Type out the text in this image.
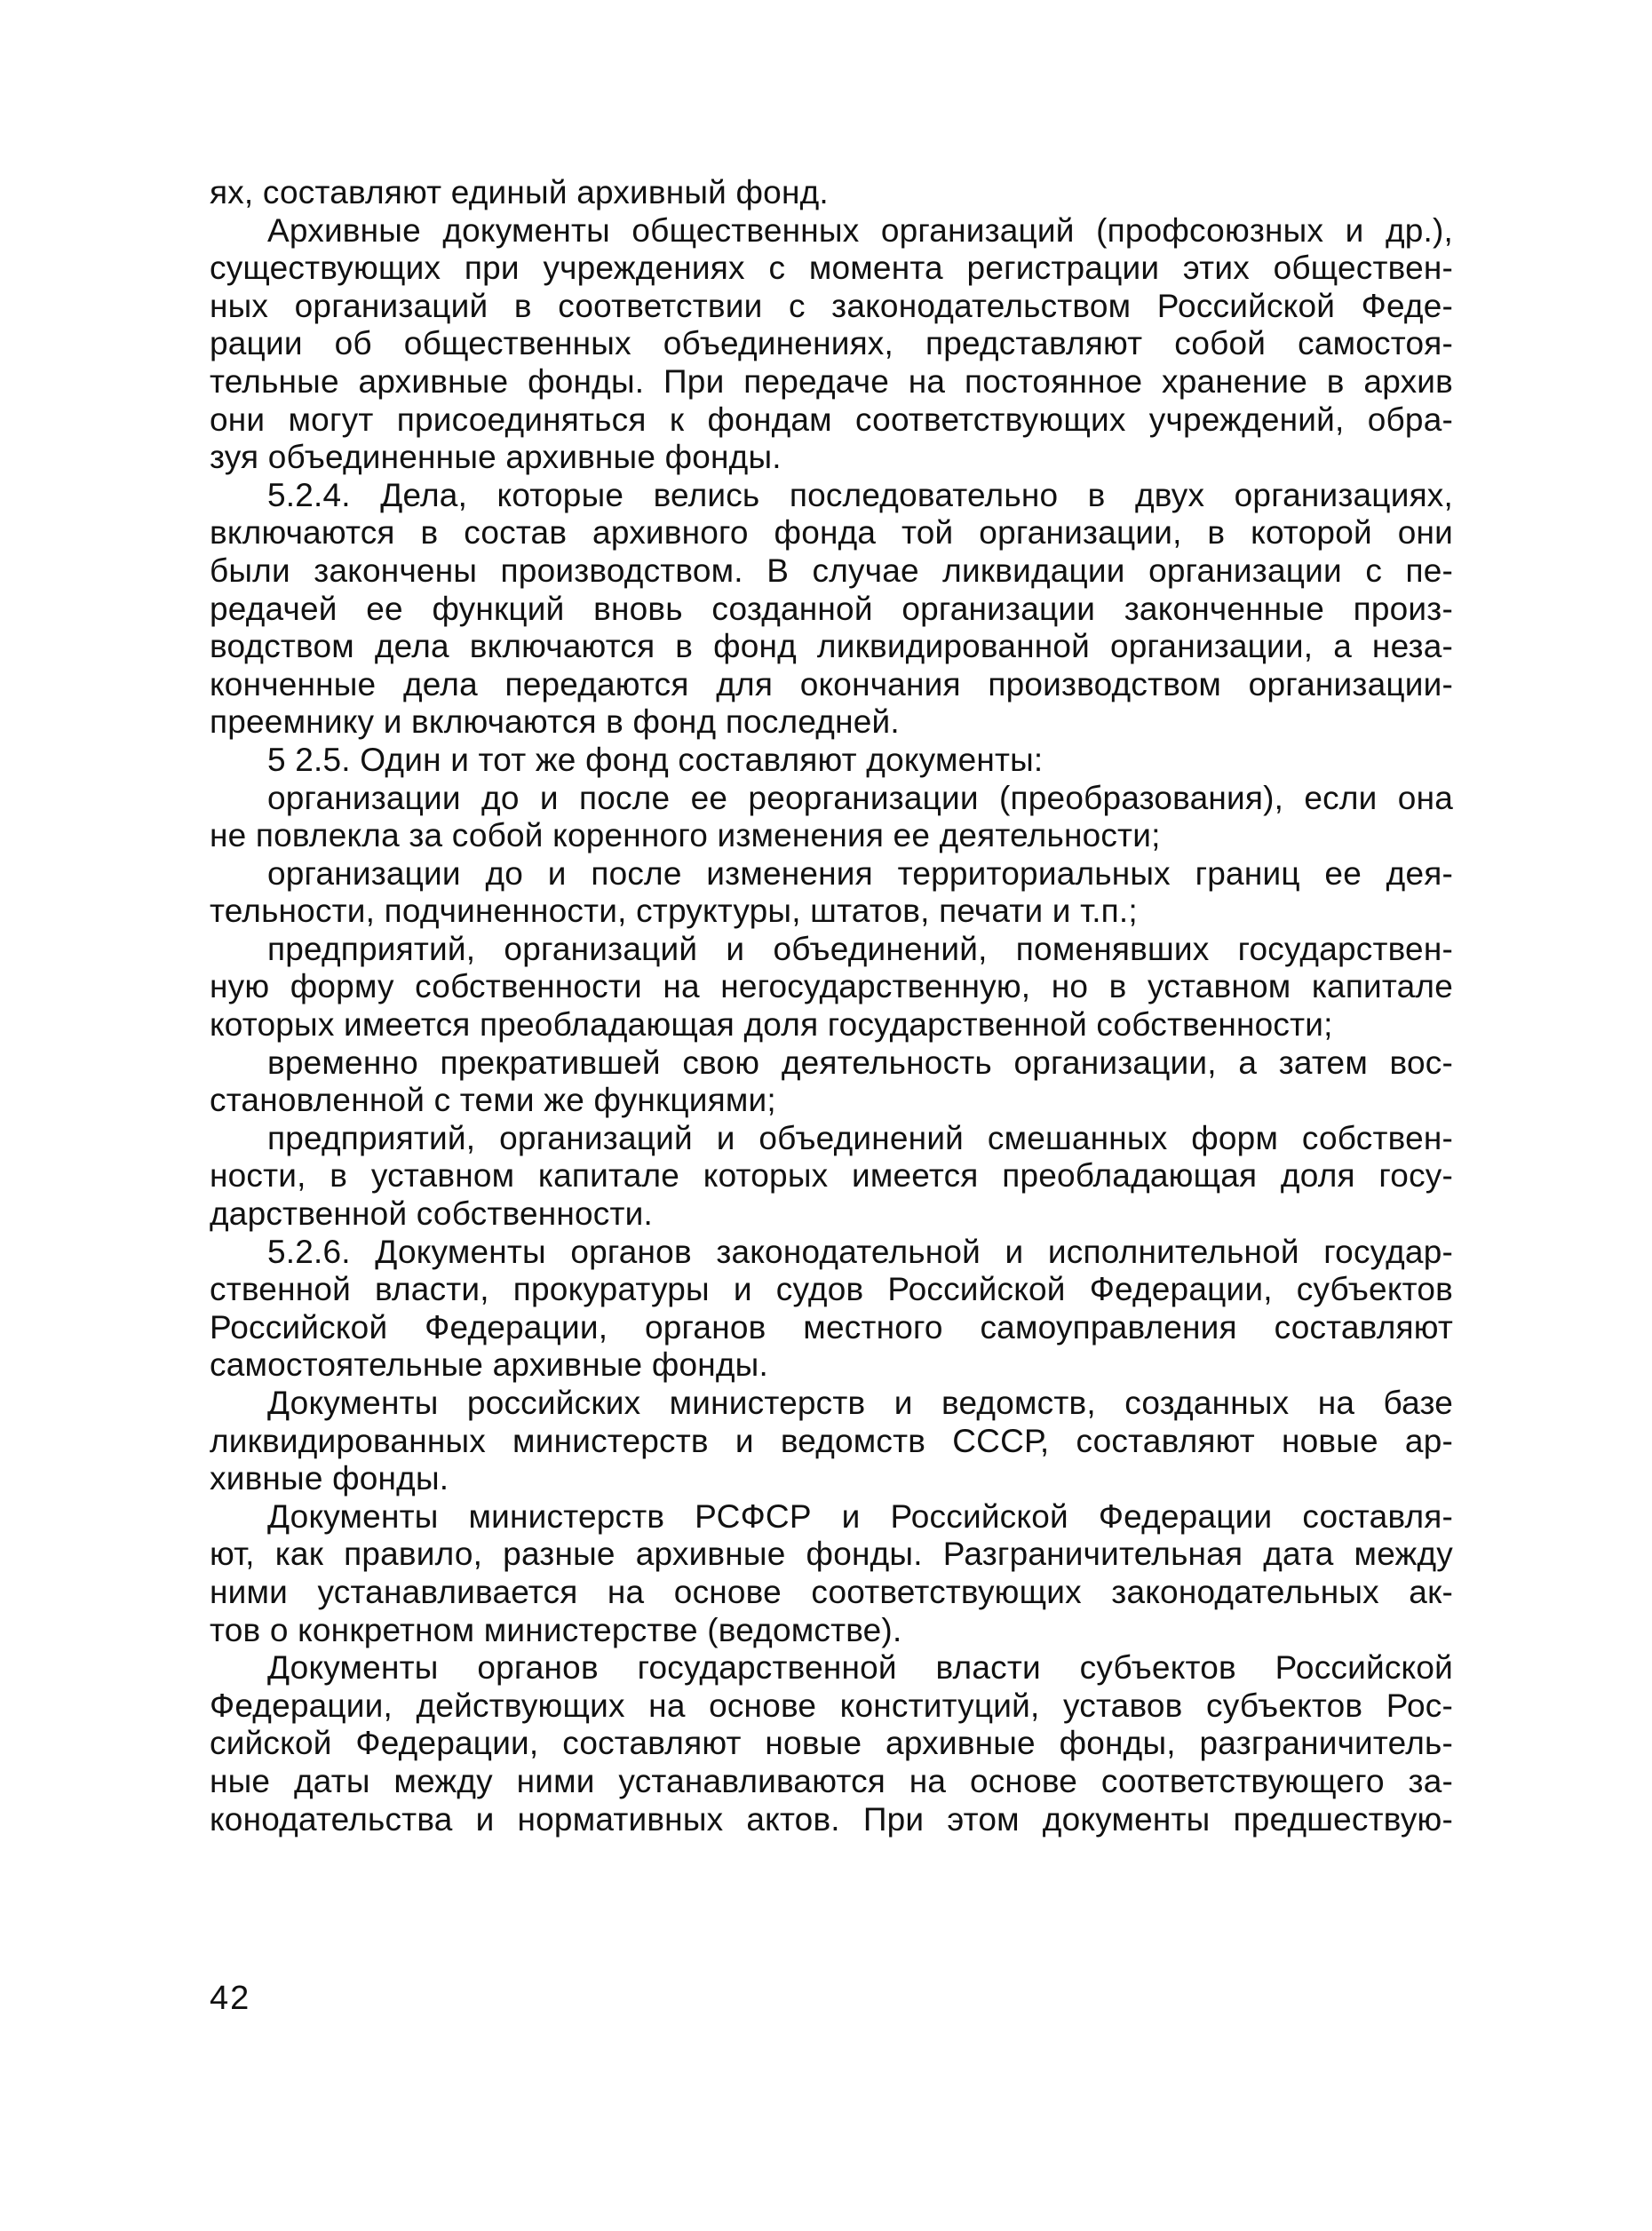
ях, составляют единый архивный фонд.
Архивные документы общественных организаций (профсоюзных и др.),
существующих при учреждениях с момента регистрации этих обществен-
ных организаций в соответствии с законодательством Российской Феде-
рации об общественных объединениях, представляют собой самостоя-
тельные архивные фонды. При передаче на постоянное хранение в архив
они могут присоединяться к фондам соответствующих учреждений, обра-
зуя объединенные архивные фонды.
5.2.4. Дела, которые велись последовательно в двух организациях,
включаются в состав архивного фонда той организации, в которой они
были закончены производством. В случае ликвидации организации с пе-
редачей ее функций вновь созданной организации законченные произ-
водством дела включаются в фонд ликвидированной организации, а неза-
конченные дела передаются для окончания производством организации-
преемнику и включаются в фонд последней.
5 2.5. Один и тот же фонд составляют документы:
организации до и после ее реорганизации (преобразования), если она
не повлекла за собой коренного изменения ее деятельности;
организации до и после изменения территориальных границ ее дея-
тельности, подчиненности, структуры, штатов, печати и т.п.;
предприятий, организаций и объединений, поменявших государствен-
ную форму собственности на негосударственную, но в уставном капитале
которых имеется преобладающая доля государственной собственности;
временно прекратившей свою деятельность организации, а затем вос-
становленной с теми же функциями;
предприятий, организаций и объединений смешанных форм собствен-
ности, в уставном капитале которых имеется преобладающая доля госу-
дарственной собственности.
5.2.6. Документы органов законодательной и исполнительной государ-
ственной власти, прокуратуры и судов Российской Федерации, субъектов
Российской Федерации, органов местного самоуправления составляют
самостоятельные архивные фонды.
Документы российских министерств и ведомств, созданных на базе
ликвидированных министерств и ведомств СССР, составляют новые ар-
хивные фонды.
Документы министерств РСФСР и Российской Федерации составля-
ют, как правило, разные архивные фонды. Разграничительная дата между
ними устанавливается на основе соответствующих законодательных ак-
тов о конкретном министерстве (ведомстве).
Документы органов государственной власти субъектов Российской
Федерации, действующих на основе конституций, уставов субъектов Рос-
сийской Федерации, составляют новые архивные фонды, разграничитель-
ные даты между ними устанавливаются на основе соответствующего за-
конодательства и нормативных актов. При этом документы предшествую-
42
